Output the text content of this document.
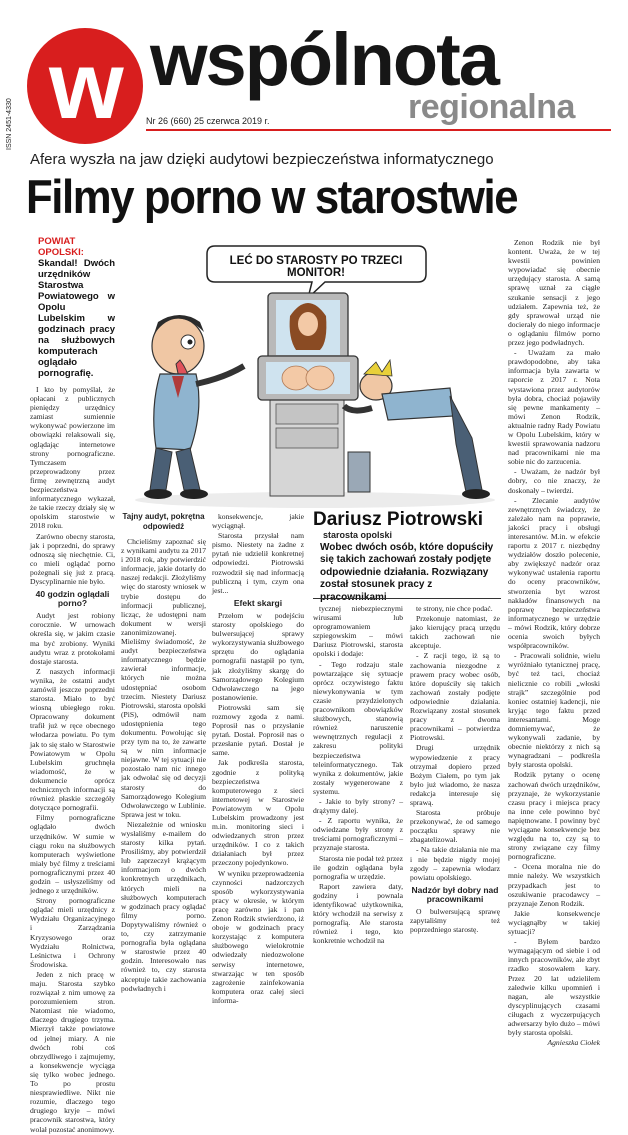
ISSN 2451-4330 w wspólnota
regionalna
Nr 26 (660) 25 czerwca 2019 r.
Afera wyszła na jaw dzięki audytowi bezpieczeństwa informatycznego
Filmy porno w starostwie
POWIAT OPOLSKI:
Skandal! Dwóch urzędników Starostwa Powiatowego w Opolu Lubelskim w godzinach pracy na służbowych komputerach oglądało pornografię.

I kto by pomyślał, że opłacani z publicznych pieniędzy urzędnicy zamiast sumiennie wykonywać powierzone im obowiązki relaksowali się, oglądając internetowe strony pornograficzne. Tymczasem przeprowadzony przez firmę zewnętrzną audyt bezpieczeństwa informatycznego wykazał, że takie rzeczy działy się w opolskim starostwie w 2018 roku.

Zarówno obecny starosta, jak i poprzedni, do sprawy odnoszą się niechętnie. Ci, co mieli oglądać porno pożegnali się już z pracą. Dyscyplinarnie nie było.

40 godzin oglądali porno?

Audyt jest robiony corocznie. W urnowach określa się, w jakim czasie ma być zrobiony. Wyniki audytu wraz z protokołami dostaje starosta.

Z naszych informacji wynika, że ostatni audyt zamówił jeszcze poprzedni starosta. Miało to być wiosną ubiegłego roku. Opracowany dokument trafił już w ręce obecnego włodarza powiatu. Po tym jak to się stało w Starostwie Powiatowym w Opolu Lubelskim gruchnęła wiadomość, że w dokumencie oprócz technicznych informacji są również płaskie szczegóły dotyczące pornografii.

Filmy pornograficzne oglądało dwóch urzędników. W sumie w ciągu roku na służbowych komputerach wyświetlone miały być filmy z treściami pornograficznymi przez 40 godzin – usłyszeliśmy od jednego z urzędników.

Strony pornograficzne oglądać mieli urzędnicy z Wydziału Organizacyjnego i Zarządzania Kryzysowego oraz Wydziału Rolnictwa, Leśnictwa i Ochrony Środowiska.

Jeden z nich pracę w maju. Starosta szybko rozwiązał z nim umowę za porozumieniem stron. Natomiast nie wiadomo, dlaczego drugiego trzyma. Mierzył także powiatowe od jelnej miary. A nie dwóch robi coś obrzydliwego i zajmujemy, a konsekwencje wyciąga się tylko wobec jednego. To po prostu niesprawiedliwe. Nikt nie rozumie, dlaczego tego drugiego kryje – mówi pracownik starostwa, który wolał pozostać anonimowy.

LEĆ DO STAROSTY PO TRZECI MONITOR!
Tajny audyt, pokrętna odpowiedź

Chcieliśmy zapoznać się z wynikami audytu za 2017 i 2018 rok, aby potwierdzić informacje, jakie dotarły do naszej redakcji. Złożyliśmy więc do starosty wniosek w trybie dostępu do informacji publicznej, licząc, że udostępni nam dokument w wersji zanonimizowanej. Mieliśmy świadomość, że audyt bezpieczeństwa informatycznego będzie zawierał informacje, których nie można udostępniać osobom trzecim. Niestety Dariusz Piotrowski, starosta opolski (PiS), odmówił nam udostępnienia tego dokumentu. Powołując się przy tym na to, że zawarte są w nim informacje niejawne. W tej sytuacji nie pozostało nam nic innego jak odwołać się od decyzji starosty do Samorządowego Kolegium Odwoławczego w Lublinie. Sprawa jest w toku.

Niezależnie od wniosku wysłaliśmy e-mailem do starosty kilka pytań. Prosiliśmy, aby potwierdził lub zaprzeczył krążącym informacjom o dwóch konkretnych urzędnikach, których mieli na służbowych komputerach w godzinach pracy oglądać filmy porno. Dopytywaliśmy również o to, czy zatrzymanie pornografia była oglądana w starostwie przez 40 godzin. Interesowało nas również to, czy starosta akceptuje takie zachowania podwładnych i

konsekwencje, jakie wyciągnął.

Starosta przysłał nam pismo. Niestety na żadne z pytań nie udzielił konkretnej odpowiedzi. Piotrowski rozwodził się nad informacją publiczną i tym, czym ona jest...

Efekt skargi

Przełom w podejściu starosty opolskiego do bulwersującej sprawy wykorzystywania służbowego sprzętu do oglądania pornografii nastąpił po tym, jak złożyliśmy skargę do Samorządowego Kolegium Odwoławczego na jego postanowienie.

Piotrowski sam się rozmowy zgoda z nami. Poprosił nas o przysłanie pytań. Dostał. Poprosił nas o przesłanie pytań. Dostał je same.

Jak podkreśla starosta, zgodnie z polityką bezpieczeństwa komputerowego z sieci internetowej w Starostwie Powiatowym w Opolu Lubelskim prowadzony jest m.in. monitoring sieci i odwiedzanych stron przez urzędników. I co z takich działaniach był przez przeczony pojedynkowo.

W wyniku przeprowadzenia czynności nadzorczych sposób wykorzystywania pracy w okresie, w którym pracę zarówno jak i pan Zenon Rodzik stwierdzono, iż oboje w godzinach pracy korzystając z komputera służbowego wielokrotnie odwiedzały niedozwolone serwisy internetowe, stwarzając w ten sposób zagrożenie zainfekowania komputera oraz całej sieci informa-

Dariusz Piotrowski
starosta opolski
Wobec dwóch osób, które dopuściły się takich zachowań zostały podjęte odpowiednie działania. Rozwiązany został stosunek pracy z

tycznej niebezpiecznymi wirusami lub oprogramowaniem szpiegowskim – mówi Dariusz Piotrowski, starosta opolski i dodaje:

- Tego rodzaju stale powtarzające się sytuacje oprócz oczywistego faktu niewykonywania w tym czasie przydzielonych pracownikom obowiązków służbowych, stanowią również naruszenie wewnętrznych regulacji z zakresu polityki bezpieczeństwa teleinformatycznego. Tak wynika z dokumentów, jakie zostały wygenerowane z systemu.

- Jakie to były strony? – drążymy dalej.

- Z raportu wynika, że odwiedzane były strony z treściami pornograficznymi – przyznaje starosta.

Starosta nie podał też przez ile godzin oglądana była pornografia w urzędzie.

Raport zawiera daty, godziny i pownala identyfikować użytkownika, który wchodził na serwisy z pornografią. Ale starosta również i tego, kto konkretnie wchodził na

te strony, nie chce podać.

Przekonuje natomiast, że jako kierujący pracą urzędu takich zachowań nie akceptuje.

- Z racji tego, iż są to zachowania niezgodne z prawem pracy wobec osób, które dopuściły się takich zachowań zostały podjęte odpowiednie działania. Rozwiązany został stosunek pracy z dwoma pracownikami – potwierdza Piotrowski.

Drugi urzędnik wypowiedzenie z pracy otrzymał dopiero przed Bożym Ciałem, po tym jak było już wiadomo, że nasza redakcja interesuje się sprawą.

Starosta próbuje przekonywać, że od samego początku sprawy nie zbagatelizował.

- Na takie działania nie ma i nie będzie nigdy mojej zgody – zapewnia włodarz powiatu opolskiego.

Nadzór był dobry nad pracownikami

O bulwersującą sprawę zapytaliśmy też poprzedniego starostę.

Zenon Rodzik nie był kontent. Uważa, że w tej kwestii powinien wypowiadać się obecnie urzędujący starosta. A samą sprawę uznał za ciągłe szukanie sensacji z jego udziałem. Zapewnia też, że gdy sprawował urząd nie docierały do niego informacje o oglądaniu filmów porno przez jego podwładnych.

- Uważam za mało prawdopodobne, aby taka informacja była zawarta w raporcie z 2017 r. Nota wystawiona przez audytorów była dobra, chociaż pojawiły się pewne mankamenty – mówi Zenon Rodzik, aktualnie radny Rady Powiatu w Opolu Lubelskim, który w kwestii sprawowania nadzoru nad pracownikami nie ma sobie nic do zarzucenia.

- Uważam, że nadzór był dobry, co nie znaczy, że doskonały – twierdzi.

- Zlecanie audytów zewnętrznych świadczy, że zależało nam na poprawie, jakości pracy i obsługi interesantów. M.in. w efekcie raportu z 2017 r. niezbędny wydziałów doszło polecenie, aby zwiększyć nadzór oraz wykonywać ustalenia raportu do oceny pracowników, stworzenia byt wzrost nakładów finansowych na poprawę bezpieczeństwa informatycznego w urzędzie – mówi Rodzik, który dobrze ocenia swoich byłych współpracowników.

- Pracowali solidnie, wielu wyróżniało tytanicznej pracę, być też taci, chociaż nielicznie co robili „włoski strajk” szczególnie pod koniec ostatniej kadencji, nie kryjąc tego faktu przed interesantami. Moge domniemywać, że wykonywali zadanie, by obecnie niektórzy z nich są wynagradzani – podkreśla były starosta opolski.

Rodzik pytany o ocenę zachowań dwóch urzędników, przyznaje, że wykorzystanie czasu pracy i miejsca pracy na inne cele powinno być napiętnowane. I powinny być wyciągane konsekwencje bez względu na to, czy są to strony związane czy filmy pornograficzne.

- Ocena moralna nie do mnie należy. We wszystkich przypadkach jest to oszukiwanie pracodawcy – przyznaje Zenon Rodzik.

Jakie konsekwencje wyciągnąłby w takiej sytuacji?

- Byłem bardzo wymagającym od siebie i od innych pracowników, ale zbyt rzadko stosowałem kary. Przez 20 lat udzieliłem zaledwie kilku upomnień i nagan, ale wszystkie dyscyplinujących czasami ciługach z wyczerpujących adwersarzy było dużo – mówi były starosta opolski.

Agnieszka Ciołek
